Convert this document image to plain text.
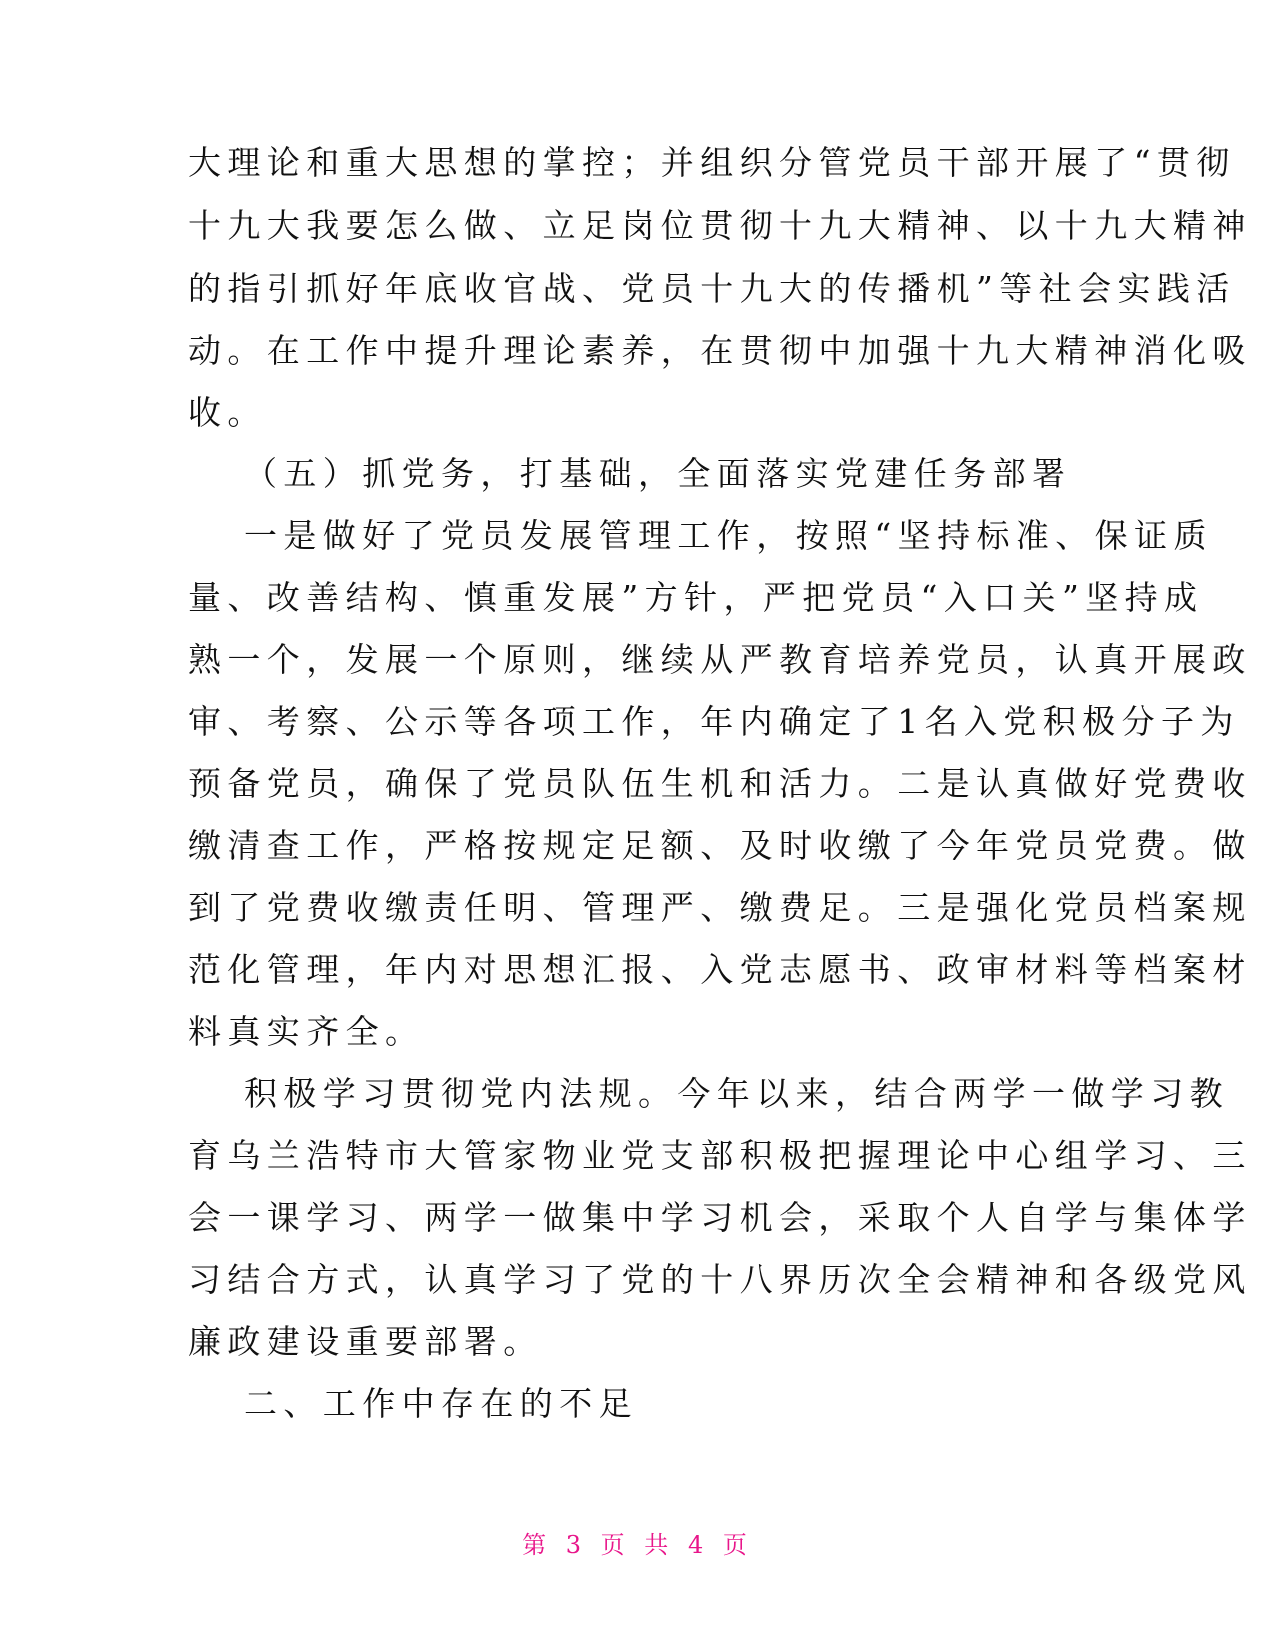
大理论和重大思想的掌控；并组织分管党员干部开展了“贯彻
十九大我要怎么做、立足岗位贯彻十九大精神、以十九大精神
的指引抓好年底收官战、党员十九大的传播机”等社会实践活
动。在工作中提升理论素养，在贯彻中加强十九大精神消化吸
收。
（五）抓党务，打基础，全面落实党建任务部署
一是做好了党员发展管理工作，按照“坚持标准、保证质
量、改善结构、慎重发展”方针，严把党员“入口关”坚持成
熟一个，发展一个原则，继续从严教育培养党员，认真开展政
审、考察、公示等各项工作，年内确定了1名入党积极分子为
预备党员，确保了党员队伍生机和活力。二是认真做好党费收
缴清查工作，严格按规定足额、及时收缴了今年党员党费。做
到了党费收缴责任明、管理严、缴费足。三是强化党员档案规
范化管理，年内对思想汇报、入党志愿书、政审材料等档案材
料真实齐全。
积极学习贯彻党内法规。今年以来，结合两学一做学习教
育乌兰浩特市大管家物业党支部积极把握理论中心组学习、三
会一课学习、两学一做集中学习机会，采取个人自学与集体学
习结合方式，认真学习了党的十八界历次全会精神和各级党风
廉政建设重要部署。
二、工作中存在的不足
第 3 页 共 4 页
